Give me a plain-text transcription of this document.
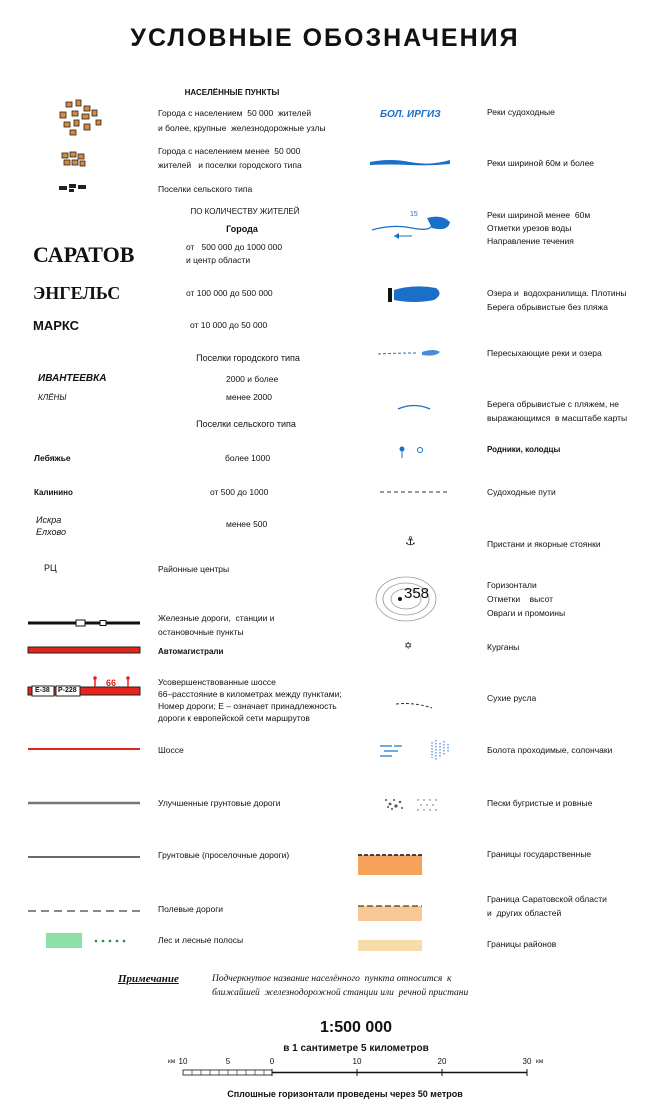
УСЛОВНЫЕ ОБОЗНАЧЕНИЯ
НАСЕЛЁННЫЕ ПУНКТЫ
Города с населением  50 000  жителей
и более, крупные  железнодорожные узлы
Города с населением менее  50 000
жителей   и поселки городского типа
Поселки сельского типа
ПО КОЛИЧЕСТВУ ЖИТЕЛЕЙ
Города
САРАТОВ	от   500 000 до 1000 000
и центр области
ЭНГЕЛЬС	от 100 000 до 500 000
МАРКС	от 10 000 до 50 000
Поселки городского типа
ИВАНТЕЕВКА	2000 и более
КЛЁНЫ	менее 2000
Поселки сельского типа
Лебяжье	более 1000
Калинино	от 500 до 1000
Искра
Елхово
менее 500
РЦ	Районные центры
Железные дороги,  станции и
остановочные пункты
Автомагистрали
Е-38 Р-228
66	Усовершенствованные шоссе
66–расстояние в километрах между пунктами;
Номер дороги; Е – означает принадлежность
дороги к европейской сети маршрутов
Шоссе
Улучшенные грунтовые дороги
Грунтовые (проселочные дороги)
Полевые дороги
Лес и лесные полосы
БОЛ. ИРГИЗ	Реки судоходные
Реки шириной 60м и более
15	Реки шириной менее  60м
Отметки урезов воды
Направление течения
Озера и  водохранилища. Плотины
Берега обрывистые без пляжа
Пересыхающие реки и озера
Берега обрывистые с пляжем, не
выражающимся  в масштабе карты
Родники, колодцы
Судоходные пути
⚓	Пристани и якорные стоянки
358	Горизонтали
Отметки    высот
Овраги и промоины
✡	Курганы
Сухие русла
Болота проходимые, солончаки
Пески бугристые и ровные
Границы государственные
Граница Саратовской области
и  других областей
Границы районов
Примечание	Подчеркнутое название населённого  пункта относится  к
ближайшей  железнодорожной станции или  речной пристани
1:500 000
в 1 сантиметре 5 километров
км 10	5	0	10	20	30 км
Сплошные горизонтали проведены через 50 метров
